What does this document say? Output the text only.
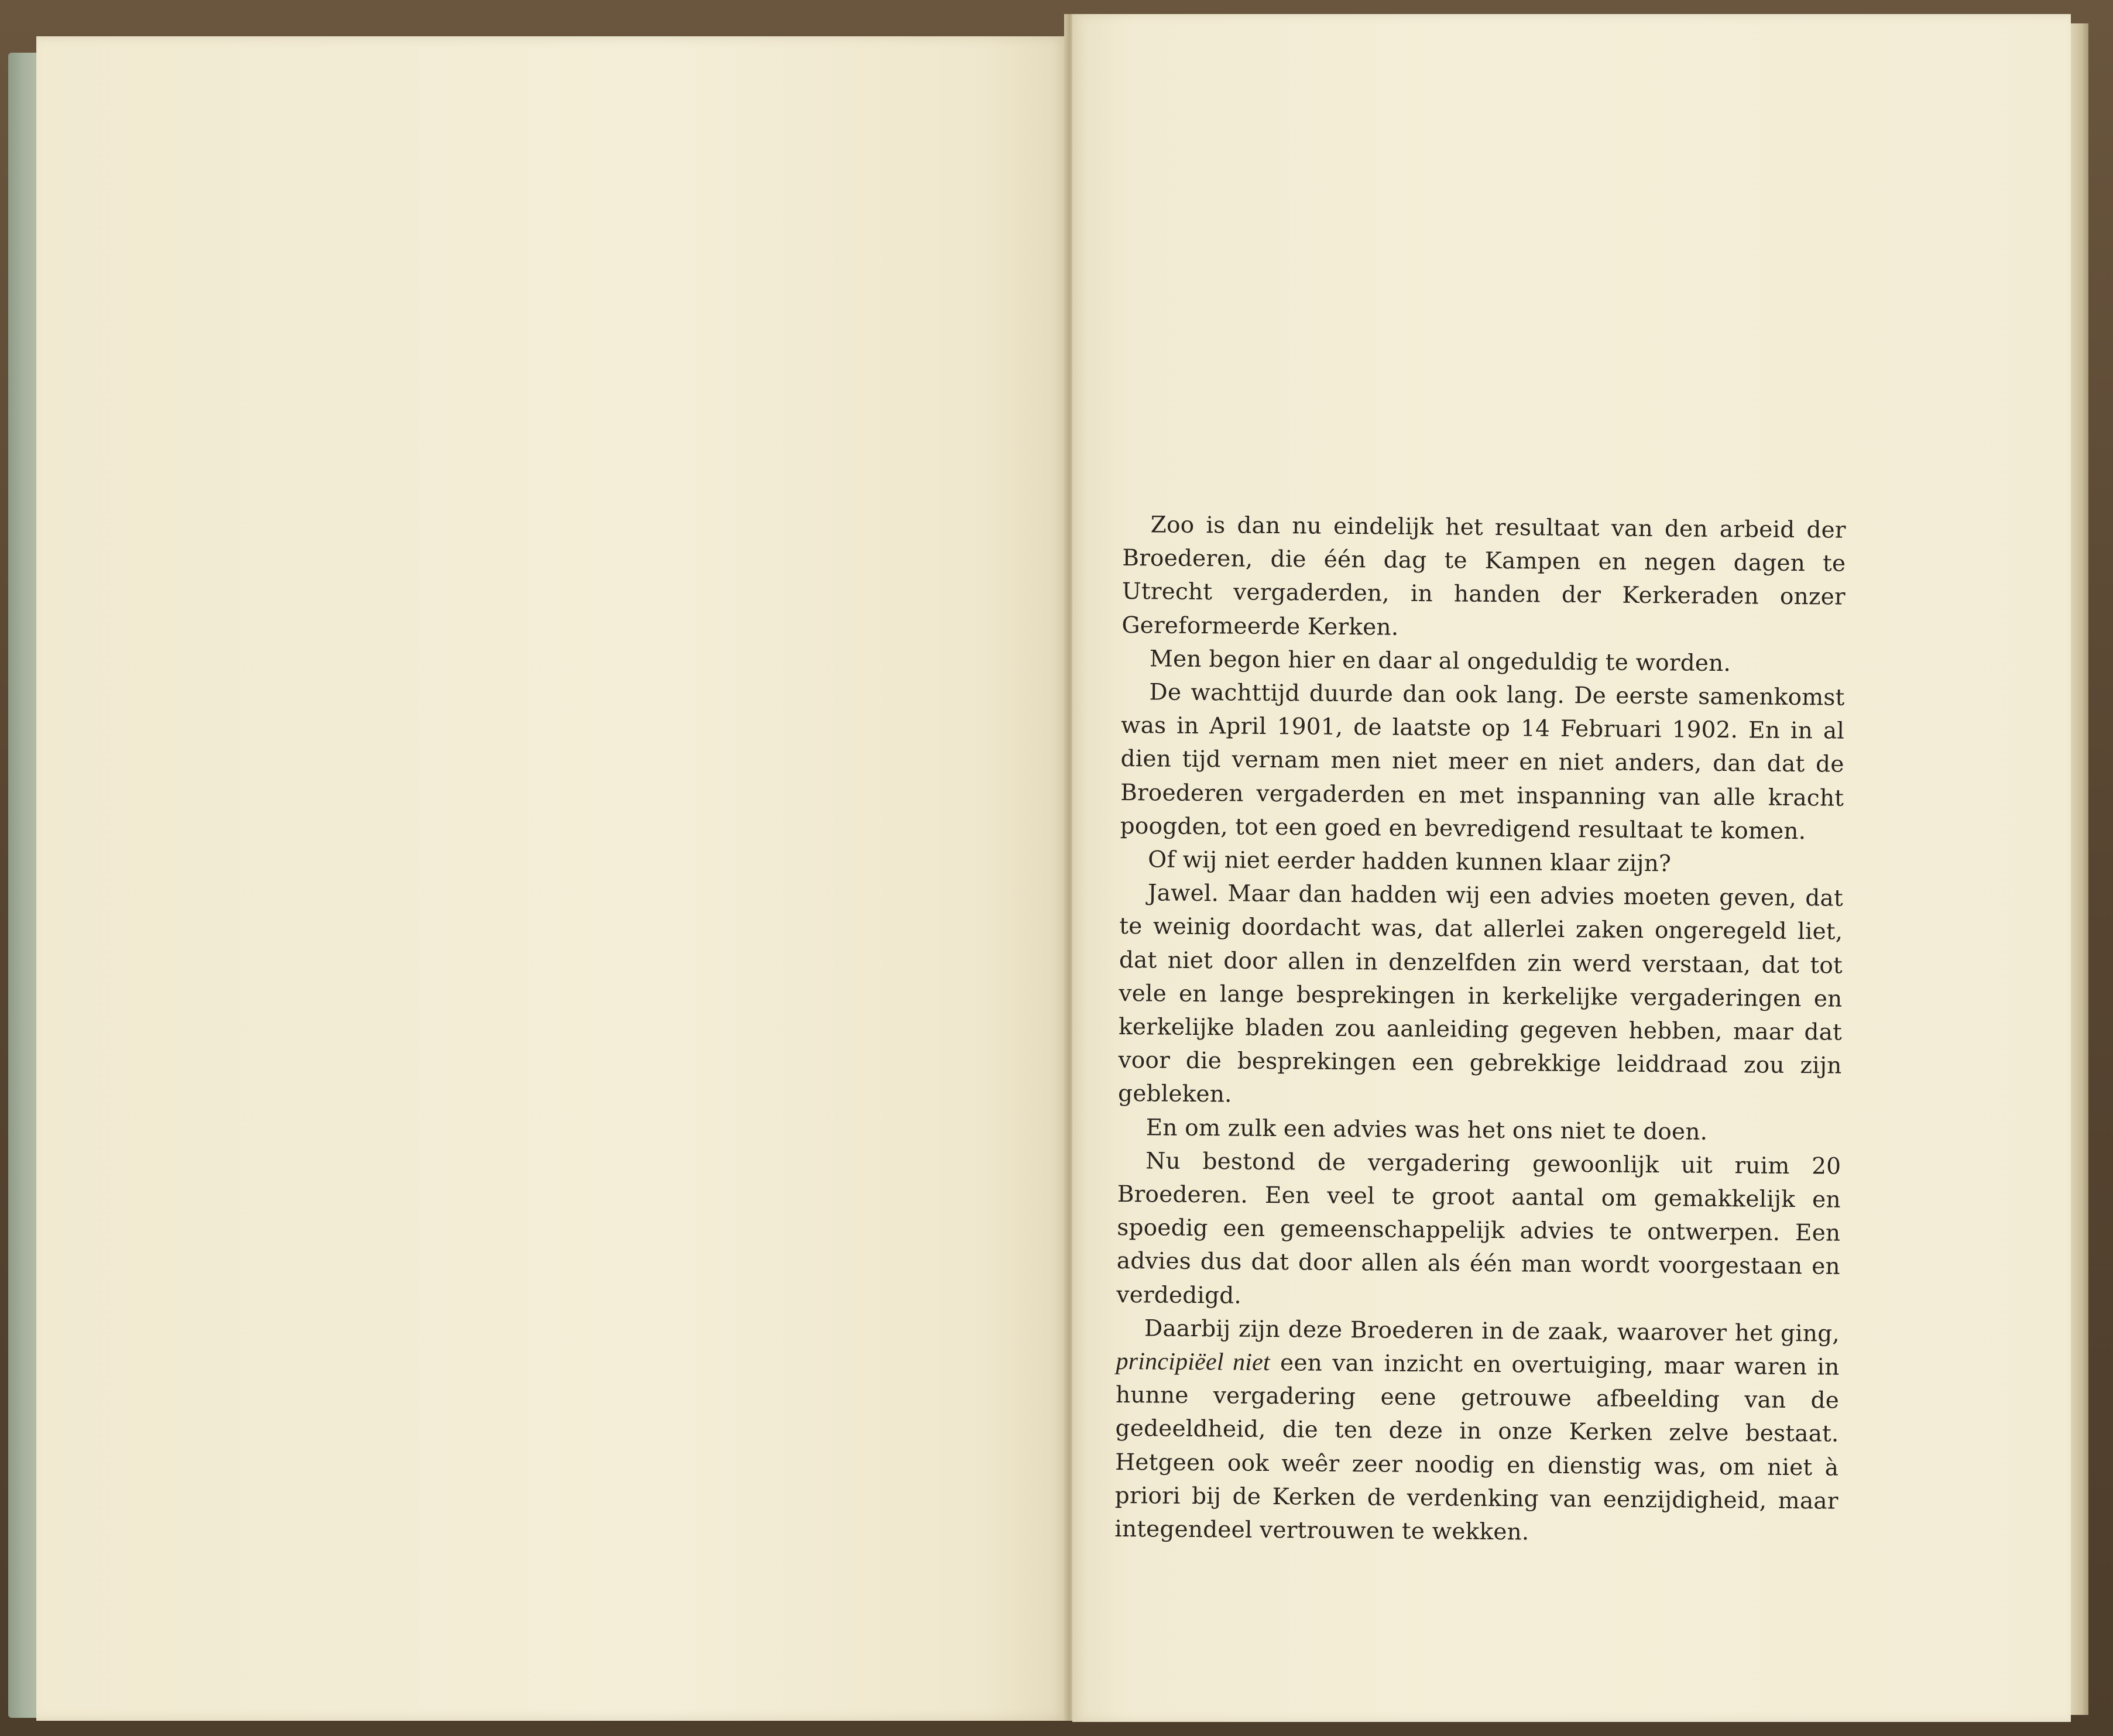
Zoo is dan nu eindelijk het resultaat van den arbeid der Broederen, die één dag te Kampen en negen dagen te Utrecht vergaderden, in handen der Kerkeraden onzer Gereformeerde Kerken.

Men begon hier en daar al ongeduldig te worden.

De wachttijd duurde dan ook lang. De eerste samenkomst was in April 1901, de laatste op 14 Februari 1902. En in al dien tijd vernam men niet meer en niet anders, dan dat de Broederen vergaderden en met inspanning van alle kracht poogden, tot een goed en bevredigend resultaat te komen.

Of wij niet eerder hadden kunnen klaar zijn?

Jawel. Maar dan hadden wij een advies moeten geven, dat te weinig doordacht was, dat allerlei zaken ongeregeld liet, dat niet door allen in denzelfden zin werd verstaan, dat tot vele en lange besprekingen in kerkelijke vergaderingen en kerkelijke bladen zou aanleiding gegeven hebben, maar dat voor die besprekingen een gebrekkige leiddraad zou zijn gebleken.

En om zulk een advies was het ons niet te doen.

Nu bestond de vergadering gewoonlijk uit ruim 20 Broederen. Een veel te groot aantal om gemakkelijk en spoedig een gemeenschappelijk advies te ontwerpen. Een advies dus dat door allen als één man wordt voorgestaan en verdedigd.

Daarbij zijn deze Broederen in de zaak, waarover het ging, principiëel niet een van inzicht en overtuiging, maar waren in hunne vergadering eene getrouwe afbeelding van de gedeeldheid, die ten deze in onze Kerken zelve bestaat. Hetgeen ook weêr zeer noodig en dienstig was, om niet à priori bij de Kerken de verdenking van eenzijdigheid, maar integendeel vertrouwen te wekken.
